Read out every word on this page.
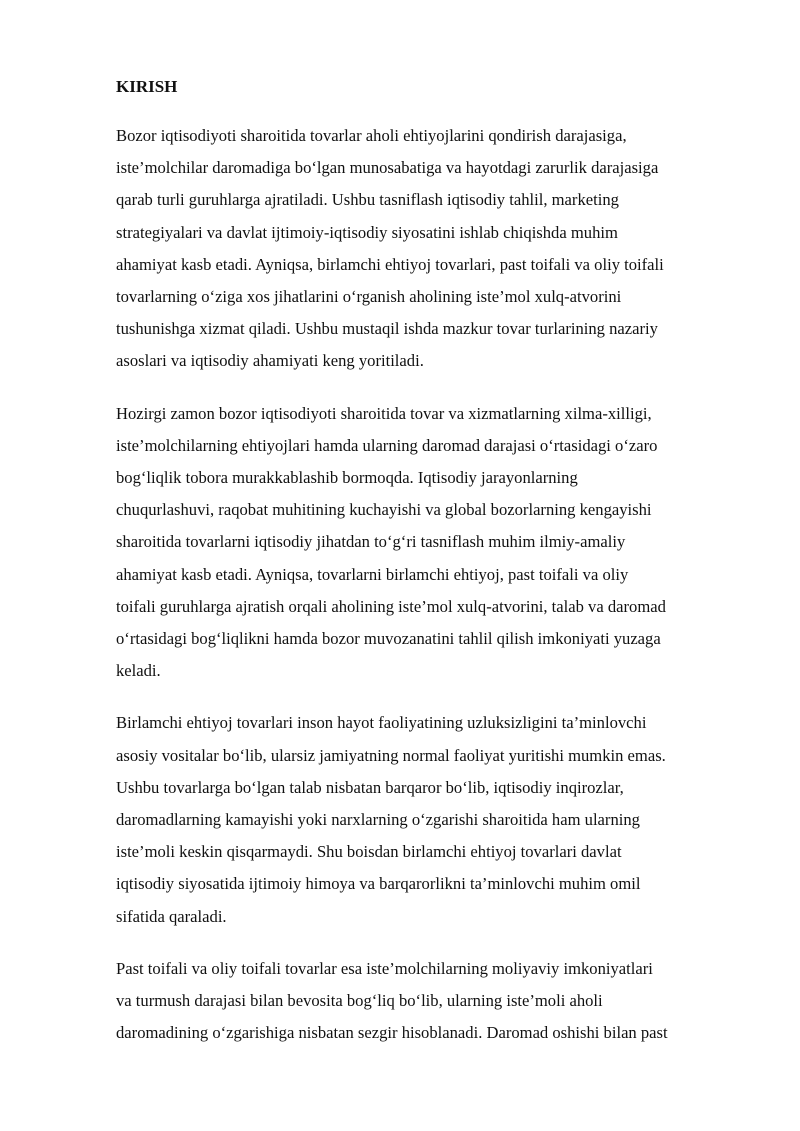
KIRISH
Bozor iqtisodiyoti sharoitida tovarlar aholi ehtiyojlarini qondirish darajasiga,
iste’molchilar daromadiga bo‘lgan munosabatiga va hayotdagi zarurlik darajasiga
qarab turli guruhlarga ajratiladi. Ushbu tasniflash iqtisodiy tahlil, marketing
strategiyalari va davlat ijtimoiy-iqtisodiy siyosatini ishlab chiqishda muhim
ahamiyat kasb etadi. Ayniqsa, birlamchi ehtiyoj tovarlari, past toifali va oliy toifali
tovarlarning o‘ziga xos jihatlarini o‘rganish aholining iste’mol xulq-atvorini
tushunishga xizmat qiladi. Ushbu mustaqil ishda mazkur tovar turlarining nazariy
asoslari va iqtisodiy ahamiyati keng yoritiladi.
Hozirgi zamon bozor iqtisodiyoti sharoitida tovar va xizmatlarning xilma-xilligi,
iste’molchilarning ehtiyojlari hamda ularning daromad darajasi o‘rtasidagi o‘zaro
bog‘liqlik tobora murakkablashib bormoqda. Iqtisodiy jarayonlarning
chuqurlashuvi, raqobat muhitining kuchayishi va global bozorlarning kengayishi
sharoitida tovarlarni iqtisodiy jihatdan to‘g‘ri tasniflash muhim ilmiy-amaliy
ahamiyat kasb etadi. Ayniqsa, tovarlarni birlamchi ehtiyoj, past toifali va oliy
toifali guruhlarga ajratish orqali aholining iste’mol xulq-atvorini, talab va daromad
o‘rtasidagi bog‘liqlikni hamda bozor muvozanatini tahlil qilish imkoniyati yuzaga
keladi.
Birlamchi ehtiyoj tovarlari inson hayot faoliyatining uzluksizligini ta’minlovchi
asosiy vositalar bo‘lib, ularsiz jamiyatning normal faoliyat yuritishi mumkin emas.
Ushbu tovarlarga bo‘lgan talab nisbatan barqaror bo‘lib, iqtisodiy inqirozlar,
daromadlarning kamayishi yoki narxlarning o‘zgarishi sharoitida ham ularning
iste’moli keskin qisqarmaydi. Shu boisdan birlamchi ehtiyoj tovarlari davlat
iqtisodiy siyosatida ijtimoiy himoya va barqarorlikni ta’minlovchi muhim omil
sifatida qaraladi.
Past toifali va oliy toifali tovarlar esa iste’molchilarning moliyaviy imkoniyatlari
va turmush darajasi bilan bevosita bog‘liq bo‘lib, ularning iste’moli aholi
daromadining o‘zgarishiga nisbatan sezgir hisoblanadi. Daromad oshishi bilan past
